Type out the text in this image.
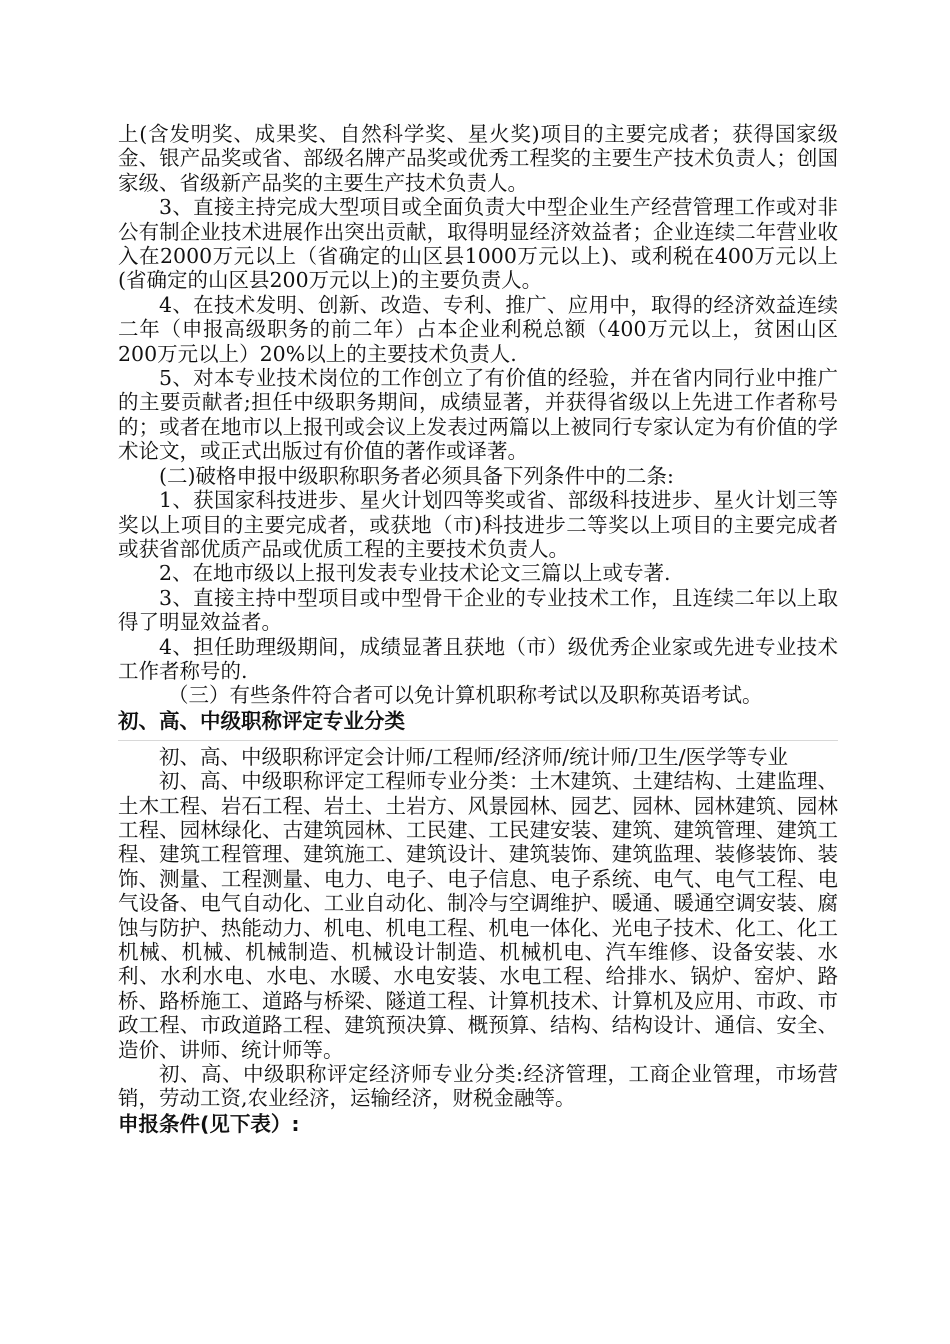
上(含发明奖、成果奖、自然科学奖、星火奖)项目的主要完成者；获得国家级金、银产品奖或省、部级名牌产品奖或优秀工程奖的主要生产技术负责人；创国家级、省级新产品奖的主要生产技术负责人。

3、直接主持完成大型项目或全面负责大中型企业生产经营管理工作或对非公有制企业技术进展作出突出贡献，取得明显经济效益者；企业连续二年营业收入在2000万元以上（省确定的山区县1000万元以上)、或利税在400万元以上(省确定的山区县200万元以上)的主要负责人。

4、在技术发明、创新、改造、专利、推广、应用中，取得的经济效益连续二年（申报高级职务的前二年）占本企业利税总额（400万元以上，贫困山区200万元以上）20%以上的主要技术负责人.

5、对本专业技术岗位的工作创立了有价值的经验，并在省内同行业中推广的主要贡献者;担任中级职务期间，成绩显著，并获得省级以上先进工作者称号的；或者在地市以上报刊或会议上发表过两篇以上被同行专家认定为有价值的学术论文，或正式出版过有价值的著作或译著。

(二)破格申报中级职称职务者必须具备下列条件中的二条:

1、获国家科技进步、星火计划四等奖或省、部级科技进步、星火计划三等奖以上项目的主要完成者，或获地（市)科技进步二等奖以上项目的主要完成者或获省部优质产品或优质工程的主要技术负责人。

2、在地市级以上报刊发表专业技术论文三篇以上或专著.

3、直接主持中型项目或中型骨干企业的专业技术工作，且连续二年以上取得了明显效益者。

4、担任助理级期间，成绩显著且获地（市）级优秀企业家或先进专业技术工作者称号的.

（三）有些条件符合者可以免计算机职称考试以及职称英语考试。

初、高、中级职称评定专业分类

初、高、中级职称评定会计师/工程师/经济师/统计师/卫生/医学等专业

初、高、中级职称评定工程师专业分类：土木建筑、土建结构、土建监理、土木工程、岩石工程、岩土、土岩方、风景园林、园艺、园林、园林建筑、园林工程、园林绿化、古建筑园林、工民建、工民建安装、建筑、建筑管理、建筑工程、建筑工程管理、建筑施工、建筑设计、建筑装饰、建筑监理、装修装饰、装饰、测量、工程测量、电力、电子、电子信息、电子系统、电气、电气工程、电气设备、电气自动化、工业自动化、制冷与空调维护、暖通、暖通空调安装、腐蚀与防护、热能动力、机电、机电工程、机电一体化、光电子技术、化工、化工机械、机械、机械制造、机械设计制造、机械机电、汽车维修、设备安装、水利、水利水电、水电、水暖、水电安装、水电工程、给排水、锅炉、窑炉、路桥、路桥施工、道路与桥梁、隧道工程、计算机技术、计算机及应用、市政、市政工程、市政道路工程、建筑预决算、概预算、结构、结构设计、通信、安全、造价、讲师、统计师等。

初、高、中级职称评定经济师专业分类:经济管理，工商企业管理，市场营销，劳动工资,农业经济，运输经济，财税金融等。

申报条件(见下表）:
